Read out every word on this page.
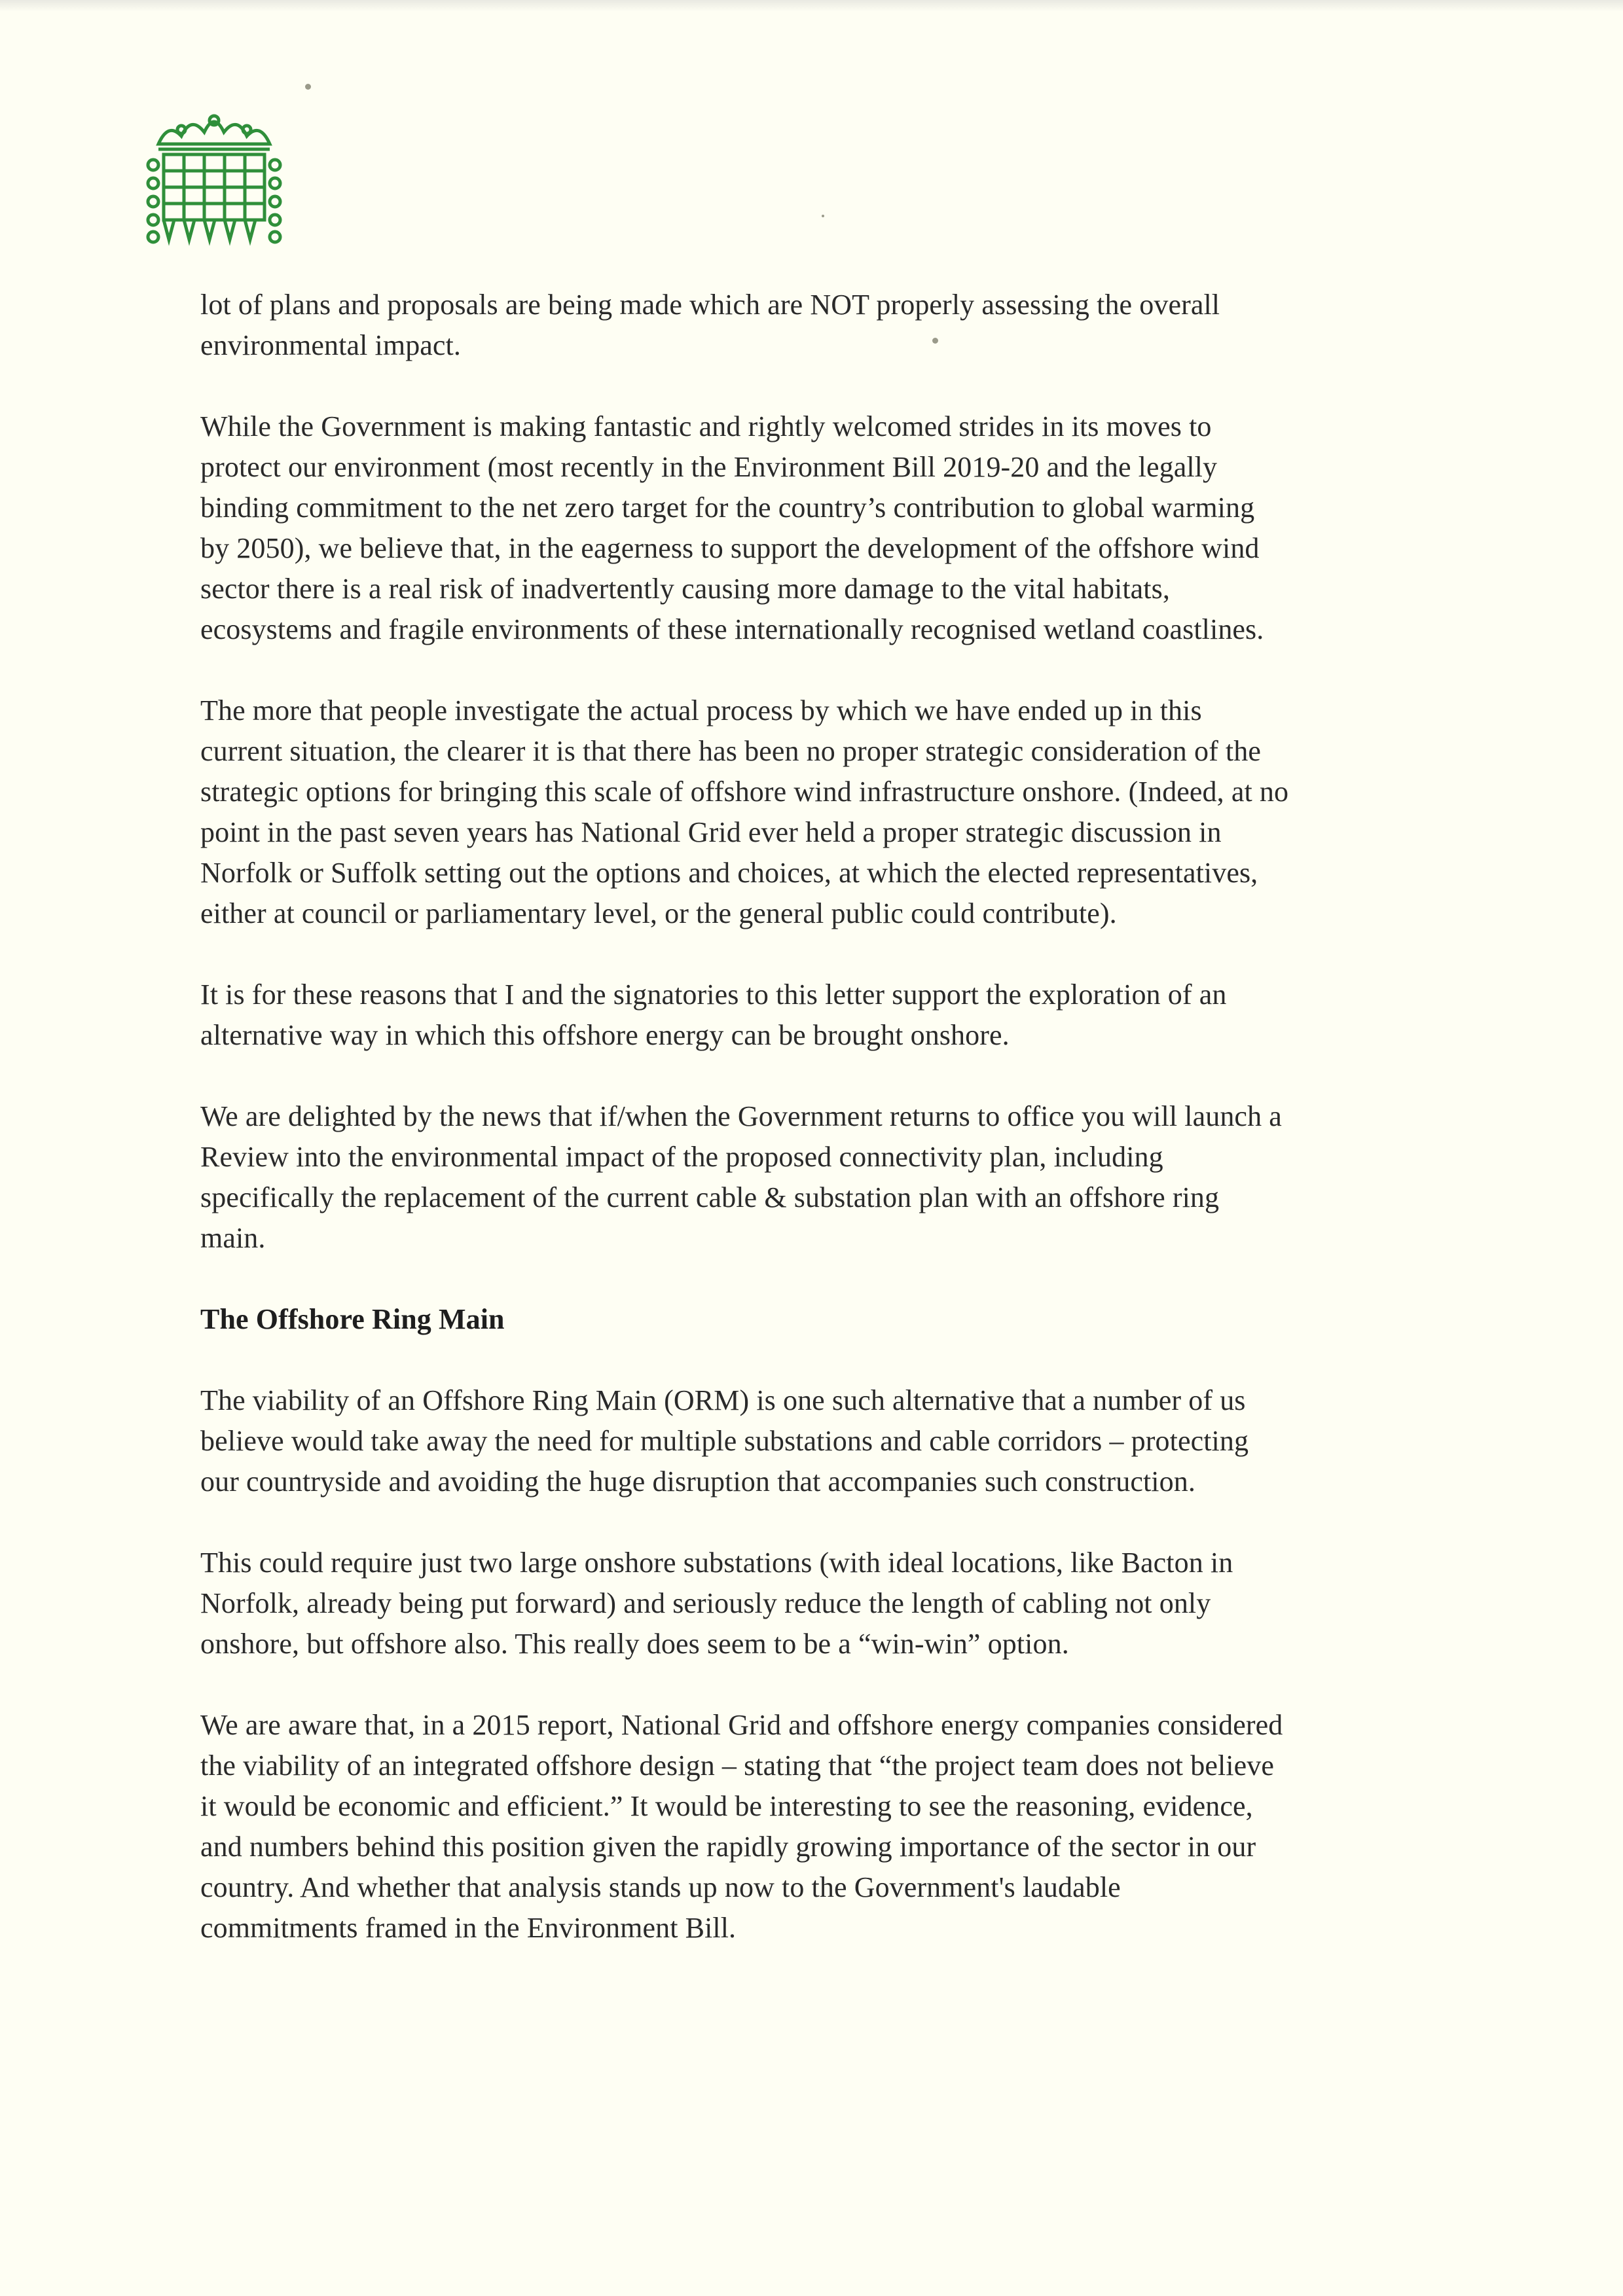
lot of plans and proposals are being made which are NOT properly assessing the overall
environmental impact.

While the Government is making fantastic and rightly welcomed strides in its moves to
protect our environment (most recently in the Environment Bill 2019-20 and the legally
binding commitment to the net zero target for the country’s contribution to global warming
by 2050), we believe that, in the eagerness to support the development of the offshore wind
sector there is a real risk of inadvertently causing more damage to the vital habitats,
ecosystems and fragile environments of these internationally recognised wetland coastlines.

The more that people investigate the actual process by which we have ended up in this
current situation, the clearer it is that there has been no proper strategic consideration of the
strategic options for bringing this scale of offshore wind infrastructure onshore. (Indeed, at no
point in the past seven years has National Grid ever held a proper strategic discussion in
Norfolk or Suffolk setting out the options and choices, at which the elected representatives,
either at council or parliamentary level, or the general public could contribute).

It is for these reasons that I and the signatories to this letter support the exploration of an
alternative way in which this offshore energy can be brought onshore.

We are delighted by the news that if/when the Government returns to office you will launch a
Review into the environmental impact of the proposed connectivity plan, including
specifically the replacement of the current cable & substation plan with an offshore ring
main.

The Offshore Ring Main

The viability of an Offshore Ring Main (ORM) is one such alternative that a number of us
believe would take away the need for multiple substations and cable corridors – protecting
our countryside and avoiding the huge disruption that accompanies such construction.

This could require just two large onshore substations (with ideal locations, like Bacton in
Norfolk, already being put forward) and seriously reduce the length of cabling not only
onshore, but offshore also. This really does seem to be a “win-win” option.

We are aware that, in a 2015 report, National Grid and offshore energy companies considered
the viability of an integrated offshore design – stating that “the project team does not believe
it would be economic and efficient.” It would be interesting to see the reasoning, evidence,
and numbers behind this position given the rapidly growing importance of the sector in our
country. And whether that analysis stands up now to the Government's laudable
commitments framed in the Environment Bill.
